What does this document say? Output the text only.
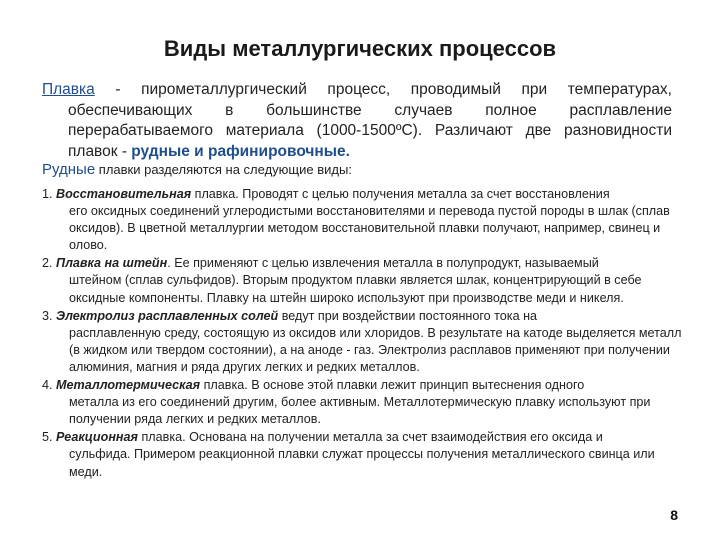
Виды металлургических процессов
Плавка - пирометаллургический процесс, проводимый при температурах,
обеспечивающих в большинстве случаев полное расплавление перерабатываемого материала (1000-1500ºС). Различают две разновидности плавок - рудные и рафинировочные.
Рудные плавки разделяются на следующие виды:
1. Восстановительная плавка. Проводят с целью получения металла за счет восстановления
его оксидных соединений углеродистыми восстановителями и перевода пустой породы в шлак (сплав оксидов). В цветной металлургии методом восстановительной плавки получают, например, свинец и олово.
2. Плавка на штейн. Ее применяют с целью извлечения металла в полупродукт, называемый
штейном (сплав сульфидов). Вторым продуктом плавки является шлак, концентрирующий в себе оксидные компоненты. Плавку на штейн широко используют при производстве меди и никеля.
3. Электролиз расплавленных солей ведут при воздействии постоянного тока на
расплавленную среду, состоящую из оксидов или хлоридов. В результате на катоде выделяется металл (в жидком или твердом состоянии), а на аноде - газ. Электролиз расплавов применяют при получении алюминия, магния и ряда других легких и редких металлов.
4. Металлотермическая плавка. В основе этой плавки лежит принцип вытеснения одного
металла из его соединений другим, более активным. Металлотермическую плавку используют при получении ряда легких и редких металлов.
5. Реакционная плавка. Основана на получении металла за счет взаимодействия его оксида и
сульфида. Примером реакционной плавки служат процессы получения металлического свинца или меди.
8
